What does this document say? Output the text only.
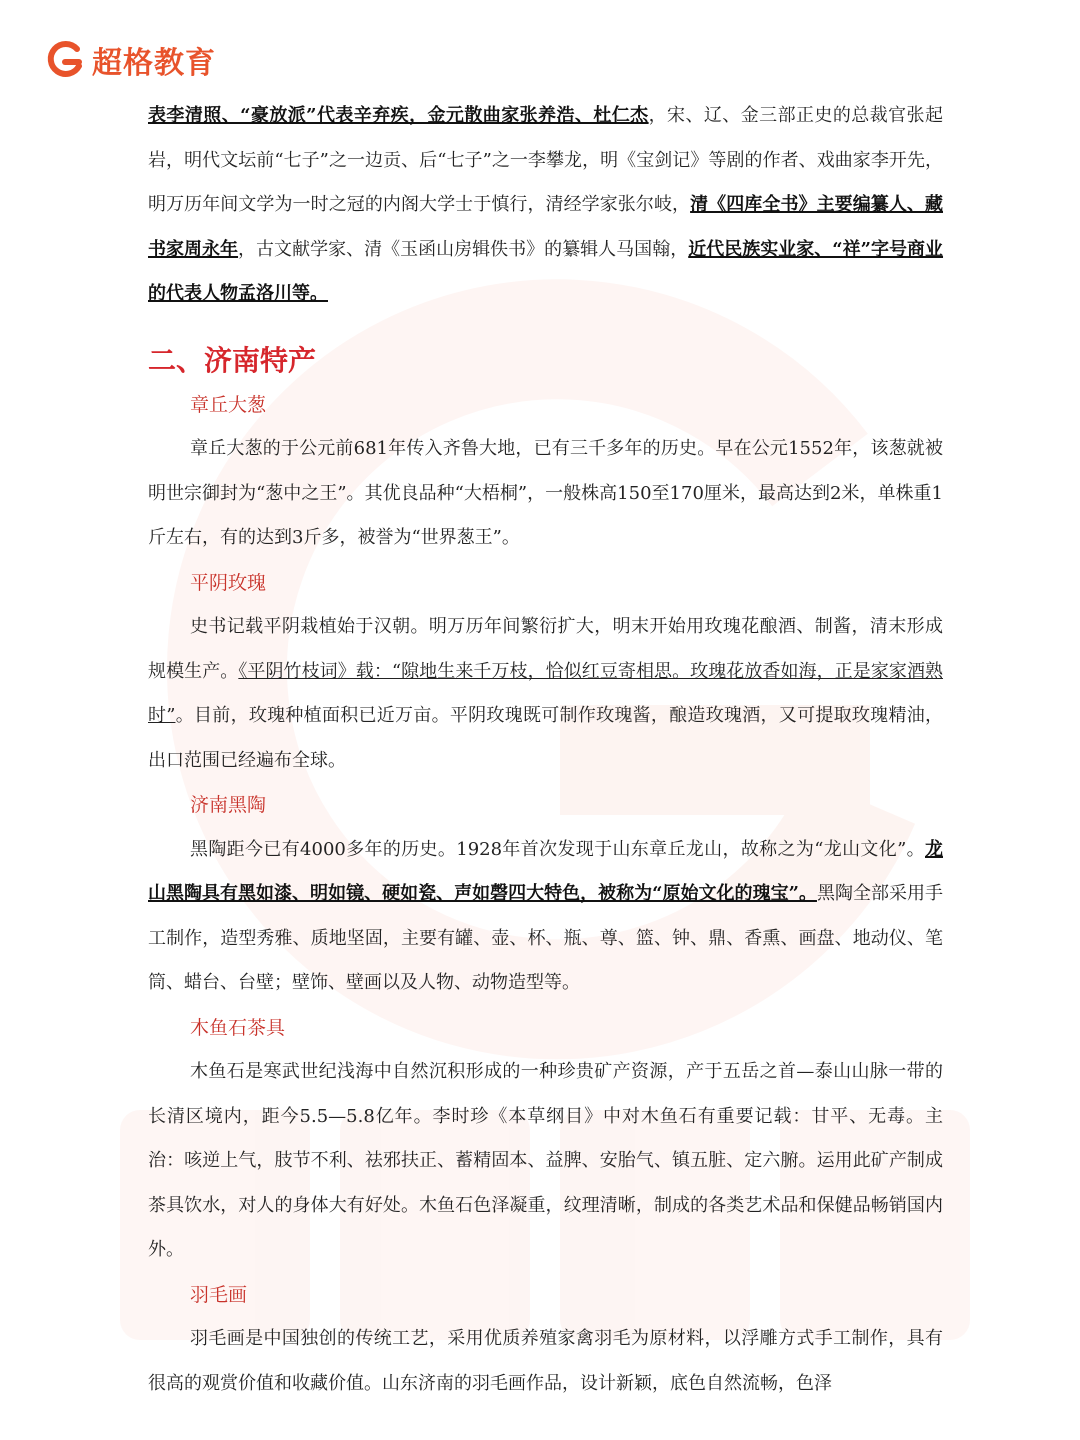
超格教育

表李清照、“豪放派”代表辛弃疾，金元散曲家张养浩、杜仁杰，宋、辽、金三部正史的总裁官张起岩，明代文坛前“七子”之一边贡、后“七子”之一李攀龙，明《宝剑记》等剧的作者、戏曲家李开先，明万历年间文学为一时之冠的内阁大学士于慎行，清经学家张尔岐，清《四库全书》主要编纂人、藏书家周永年，古文献学家、清《玉函山房辑佚书》的纂辑人马国翰，近代民族实业家、“祥”字号商业的代表人物孟洛川等。

二、济南特产
章丘大葱

章丘大葱的于公元前681年传入齐鲁大地，已有三千多年的历史。早在公元1552年，该葱就被明世宗御封为“葱中之王”。其优良品种“大梧桐”，一般株高150至170厘米，最高达到2米，单株重1斤左右，有的达到3斤多，被誉为“世界葱王”。

平阴玫瑰

史书记载平阴栽植始于汉朝。明万历年间繁衍扩大，明末开始用玫瑰花酿酒、制酱，清末形成规模生产。《平阴竹枝词》载：“隙地生来千万枝，恰似红豆寄相思。玫瑰花放香如海，正是家家酒熟时”。目前，玫瑰种植面积已近万亩。平阴玫瑰既可制作玫瑰酱，酿造玫瑰酒，又可提取玫瑰精油，出口范围已经遍布全球。

济南黑陶

黑陶距今已有4000多年的历史。1928年首次发现于山东章丘龙山，故称之为“龙山文化”。龙山黑陶具有黑如漆、明如镜、硬如瓷、声如磬四大特色，被称为“原始文化的瑰宝”。黑陶全部采用手工制作，造型秀雅、质地坚固，主要有罐、壶、杯、瓶、尊、篮、钟、鼎、香熏、画盘、地动仪、笔筒、蜡台、台壁；壁饰、壁画以及人物、动物造型等。

木鱼石茶具

木鱼石是寒武世纪浅海中自然沉积形成的一种珍贵矿产资源，产于五岳之首—泰山山脉一带的长清区境内，距今5.5—5.8亿年。李时珍《本草纲目》中对木鱼石有重要记载：甘平、无毒。主治：咳逆上气，肢节不利、祛邪扶正、蓄精固本、益脾、安胎气、镇五脏、定六腑。运用此矿产制成茶具饮水，对人的身体大有好处。木鱼石色泽凝重，纹理清晰，制成的各类艺术品和保健品畅销国内外。

羽毛画

羽毛画是中国独创的传统工艺，采用优质养殖家禽羽毛为原材料，以浮雕方式手工制作，具有很高的观赏价值和收藏价值。山东济南的羽毛画作品，设计新颖，底色自然流畅，色泽
